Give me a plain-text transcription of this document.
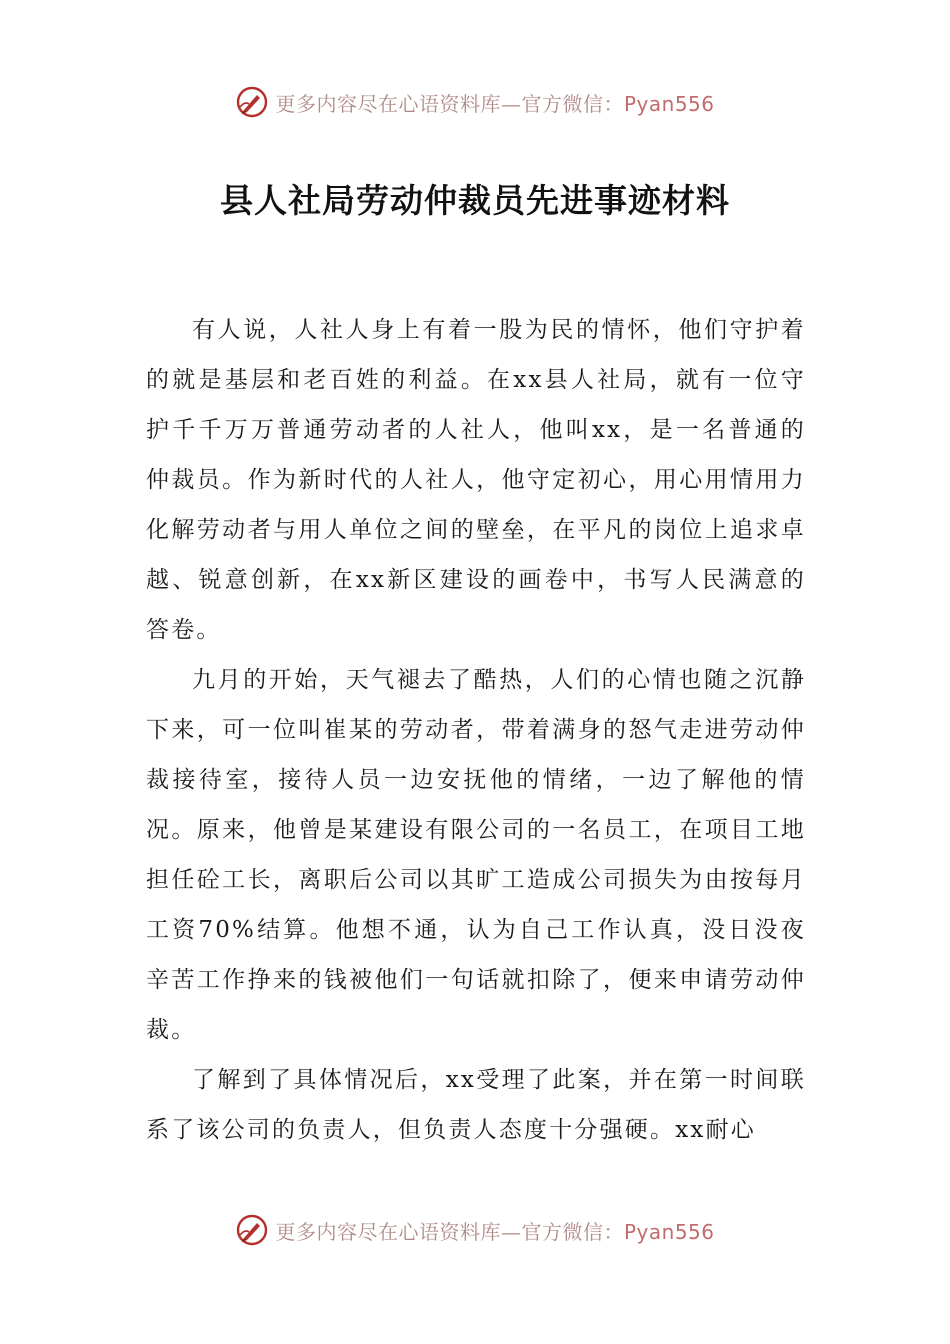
更多内容尽在心语资料库—官方微信：Pyan556
县人社局劳动仲裁员先进事迹材料

有人说，人社人身上有着一股为民的情怀，他们守护着的就是基层和老百姓的利益。在xx县人社局，就有一位守护千千万万普通劳动者的人社人，他叫xx，是一名普通的仲裁员。作为新时代的人社人，他守定初心，用心用情用力化解劳动者与用人单位之间的壁垒，在平凡的岗位上追求卓越、锐意创新，在xx新区建设的画卷中，书写人民满意的答卷。

九月的开始，天气褪去了酷热，人们的心情也随之沉静下来，可一位叫崔某的劳动者，带着满身的怒气走进劳动仲裁接待室，接待人员一边安抚他的情绪，一边了解他的情况。原来，他曾是某建设有限公司的一名员工，在项目工地担任砼工长，离职后公司以其旷工造成公司损失为由按每月工资70%结算。他想不通，认为自己工作认真，没日没夜辛苦工作挣来的钱被他们一句话就扣除了，便来申请劳动仲裁。

了解到了具体情况后，xx受理了此案，并在第一时间联系了该公司的负责人，但负责人态度十分强硬。xx耐心

更多内容尽在心语资料库—官方微信：Pyan556
